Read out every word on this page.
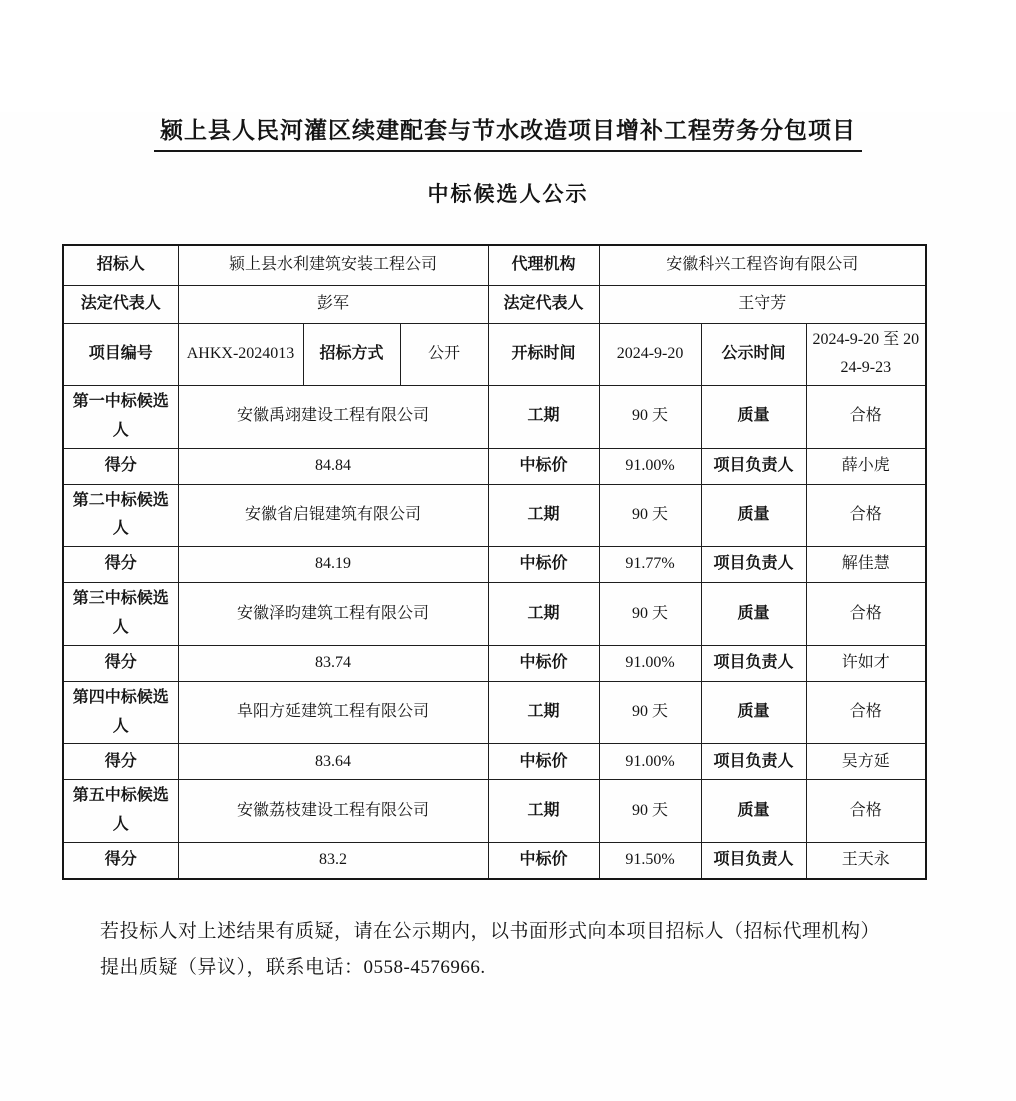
颍上县人民河灌区续建配套与节水改造项目增补工程劳务分包项目
中标候选人公示
招标人	颍上县水利建筑安装工程公司			代理机构	安徽科兴工程咨询有限公司		
法定代表人	彭军			法定代表人	王守芳		
项目编号	AHKX-2024013	招标方式	公开	开标时间	2024-9-20	公示时间	2024-9-20 至 2024-9-23
第一中标候选人	安徽禹翊建设工程有限公司			工期	90 天	质量	合格
得分	84.84			中标价	91.00%	项目负责人	薛小虎
第二中标候选人	安徽省启锟建筑有限公司			工期	90 天	质量	合格
得分	84.19			中标价	91.77%	项目负责人	解佳慧
第三中标候选人	安徽泽昀建筑工程有限公司			工期	90 天	质量	合格
得分	83.74			中标价	91.00%	项目负责人	许如才
第四中标候选人	阜阳方延建筑工程有限公司			工期	90 天	质量	合格
得分	83.64			中标价	91.00%	项目负责人	吴方延
第五中标候选人	安徽荔枝建设工程有限公司			工期	90 天	质量	合格
得分	83.2			中标价	91.50%	项目负责人	王天永

若投标人对上述结果有质疑，请在公示期内，以书面形式向本项目招标人（招标代理机构）
提出质疑（异议），联系电话：0558-4576966.
